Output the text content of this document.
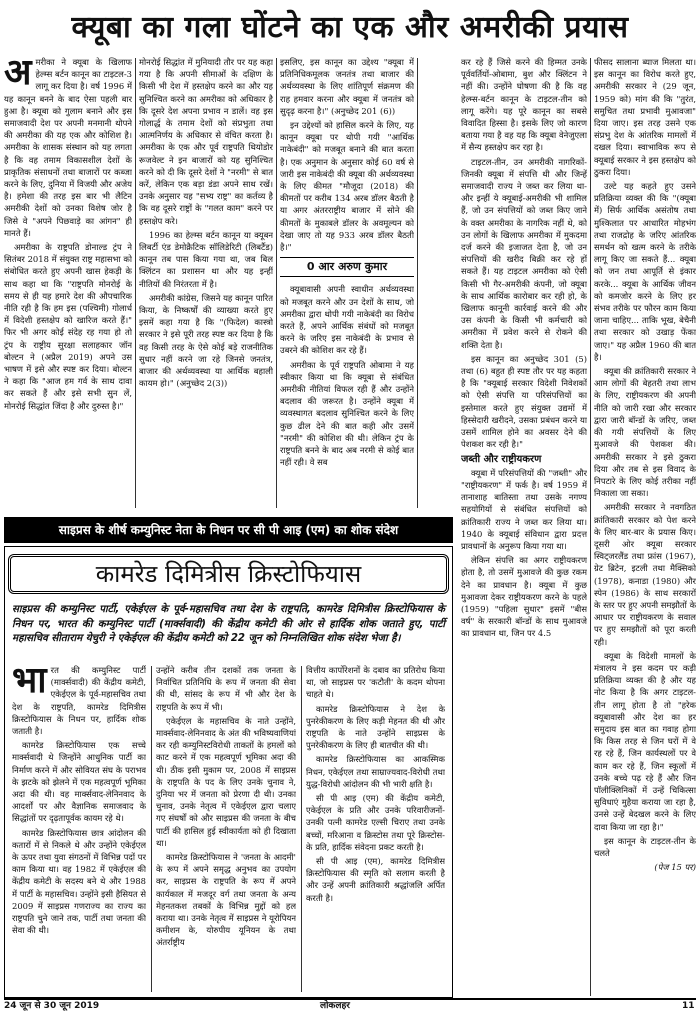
क्यूबा का गला घोंटने का एक और अमरीकी प्रयास

अमरीका ने क्यूबा के खिलाफ हेल्म्स बर्टन कानून का टाइटल-3 लागू कर दिया है। वर्ष 1996 में यह कानून बनने के बाद ऐसा पहली बार हुआ है। क्यूबा को गुलाम बनाने और इस समाजवादी देश पर अपनी मनमानी थोपने की अमरीका की यह एक और कोशिश है। अमरीका के शासक संस्थान को यह लगता है कि वह तमाम विकासशील देशों के प्राकृतिक संसाधनों तथा बाजारों पर कब्जा करने के लिए, दुनिया में विजयी और अजेय है। हमेशा की तरह इस बार भी लैटिन अमरीकी देशों को उनका विशेष जोर है जिसे वे "अपने पिछवाड़े का आंगन" ही मानते हैं।

अमरीका के राष्ट्रपति डोनाल्ड ट्रंप ने सितंबर 2018 में संयुक्त राष्ट्र महासभा को संबोधित करते हुए अपनी खास हेकड़ी के साथ कहा था कि "राष्ट्रपति मोनरोई के समय से ही यह हमारे देश की औपचारिक नीति रही है कि हम इस (पश्चिमी) गोलार्ध में विदेशी हस्तक्षेप को खारिज करते हैं।" फिर भी अगर कोई संदेह रह गया हो तो ट्रंप के राष्ट्रीय सुरक्षा सलाहकार जॉन बोल्टन ने (अप्रैल 2019) अपने उस भाषण में इसे और स्पष्ट कर दिया। बोल्टन ने कहा कि "आज हम गर्व के साथ दावा कर सकते हैं और इसे सभी सुन लें, मोनरोई सिद्धांत जिंदा है और दुरुस्त है।"

मोनरोई सिद्धांत में मुनियादी तौर पर यह कहा गया है कि अपनी सीमाओं के दक्षिण के किसी भी देश में हस्तक्षेप करने का और यह सुनिश्चित करने का अमरीका को अधिकार है कि दूसरे देश अपना प्रभाव न डालें। वह इस गोलार्द्ध के तमाम देशों को संप्रभुता तथा आत्मनिर्णय के अधिकार से वंचित करता है। अमरीका के एक और पूर्व राष्ट्रपति थियोडोर रूजवेल्ट ने इन बाजारों को यह सुनिश्चित करने को दी कि दूसरे देशों ने "नरमी" से बात करें, लेकिन एक बड़ा डंडा अपने साथ रखें। उनके अनुसार यह "सभ्य राष्ट्र" का कर्तव्य है कि वह दूसरे राष्ट्रों के "गलत काम" करने पर हस्तक्षेप करे।

1996 का हेल्म्स बर्टन कानून या क्यूबन लिबर्टी एंड डेमोक्रैटिक सॉलिडेरिटी (लिबर्टैड) कानून तब पास किया गया था, जब बिल क्लिंटन का प्रशासन था और यह इन्हीं नीतियों की निरंतरता में है।

अमरीकी कांग्रेस, जिसने यह कानून पारित किया, के निष्कर्षों की व्याख्या करते हुए इसमें कहा गया है कि "(फिदेल) कास्त्रो सरकार ने इसे पूरी तरह स्पष्ट कर दिया है कि वह किसी तरह के ऐसे कोई बड़े राजनीतिक सुधार नहीं करने जा रहे जिनसे जनतंत्र, बाजार की अर्थव्यवस्था या आर्थिक बहाली कायम हो।" (अनुच्छेद 2(3))

इसलिए, इस कानून का उद्देश्य "क्यूबा में प्रतिनिधिकमूलक जनतंत्र तथा बाजार की अर्थव्यवस्था के लिए शांतिपूर्ण संक्रमण की राह हमवार करना और क्यूबा में जनतंत्र को सुदृढ़ करना है।" (अनुच्छेद 201 (6))

इन उद्देश्यों को हासिल करने के लिए, यह कानून क्यूबा पर थोपी गयी "आर्थिक नाकेबंदी" को मजबूत बनाने की बात करता है। एक अनुमान के अनुसार कोई 60 वर्ष से जारी इस नाकेबंदी की क्यूबा की अर्थव्यवस्था के लिए कीमत "मौजूदा (2018) की कीमतों पर करीब 134 अरब डॉलर बैठती है या अगर अंतरराष्ट्रीय बाजार में सोने की कीमतों के मुकाबले डॉलर के अवमूल्यन को देखा जाए तो यह 933 अरब डॉलर बैठती है।"

0 आर अरुण कुमार

क्यूबावासी अपनी स्वाधीन अर्थव्यवस्था को मजबूत करने और उन देशों के साथ, जो अमरीका द्वारा थोपी गयी नाकेबंदी का विरोध करते हैं, अपने आर्थिक संबंधों को मजबूत करने के जरिए इस नाकेबंदी के प्रभाव से उबरने की कोशिश कर रहे हैं।

अमरीका के पूर्व राष्ट्रपति ओबामा ने यह स्वीकार किया था कि क्यूबा से संबंधित अमरीकी नीतियां विफल रही हैं और उन्होंने बदलाव की जरूरत है। उन्होंने क्यूबा में व्यवस्थागत बदलाव सुनिश्चित करने के लिए कुछ ढील देने की बात कही और उसमें "नरमी" की कोशिश की थी। लेकिन ट्रंप के राष्ट्रपति बनने के बाद अब नरमी से कोई बात नहीं रही। वे सब

कर रहे हैं जिसे करने की हिम्मत उनके पूर्ववर्तियों-ओबामा, बुश और क्लिंटन ने नहीं की। उन्होंने घोषणा की है कि वह हेल्म्स-बर्टन कानून के टाइटल-तीन को लागू करेंगे। यह पूरे कानून का सबसे विवादित हिस्सा है। इसके लिए जो कारण बताया गया है वह यह कि क्यूबा वेनेजुएला में सैन्य हस्तक्षेप कर रहा है।

टाइटल-तीन, उन अमरीकी नागरिकों-जिनकी क्यूबा में संपत्ति थी और जिन्हें समाजवादी राज्य ने जब्त कर लिया था-और इन्हीं ये क्यूबाई-अमरीकी भी शामिल हैं, जो उन संपत्तियों को जब्त किए जाने के वक्त अमरीका के नागरिक नहीं थे, को उन लोगों के खिलाफ अमरीका में मुकदमा दर्ज करने की इजाजत देता है, जो उन संपत्तियों की खरीद बिक्री कर रहे हों सकते हैं। यह टाइटल अमरीका को ऐसी किसी भी गैर-अमरीकी कंपनी, जो क्यूबा के साथ आर्थिक कारोबार कर रही हो, के खिलाफ कानूनी कार्रवाई करने की और उस कंपनी के किसी भी कर्मचारी को अमरीका में प्रवेश करने से रोकने की शक्ति देता है।

इस कानून का अनुच्छेद 301 (5) तथा (6) बहुत ही स्पष्ट तौर पर यह कहता है कि "क्यूबाई सरकार विदेशी निवेशकों को ऐसी संपत्ति या परिसंपत्तियों का इस्तेमाल करते हुए संयुक्त उद्यमों में हिस्सेदारी खरीदने, उसका प्रबंधन करने या उसमें शामिल होने का अवसर देने की पेशकश कर रही है।"

जब्ती और राष्ट्रीयकरण

क्यूबा में परिसंपत्तियों की "जब्ती" और "राष्ट्रीयकरण" में फर्क है। वर्ष 1959 में तानाशाह बातिस्ता तथा उसके नगण्य सहयोगियों से संबंधित संपत्तियों को क्रांतिकारी राज्य ने जब्त कर लिया था। 1940 के क्यूबाई संविधान द्वारा प्रदत्त प्रावधानों के अनुरूप किया गया था।

लेकिन संपत्ति का अगर राष्ट्रीयकरण होता है, तो उसमें मुआवजे की कुछ रकम देने का प्रावधान है। क्यूबा में कुछ मुआवजा देकर राष्ट्रीयकरण करने के पहले (1959) "पहिला सुधार" इसमें "बीस वर्ष" के सरकारी बॉन्डों के साथ मुआवजे का प्रावधान था, जिन पर 4.5

फीसद सालाना ब्याज मिलता था। इस कानून का विरोध करते हुए, अमरीकी सरकार ने (29 जून, 1959 को) मांग की कि "तुरंत, समुचित तथा प्रभावी मुआवजा" दिया जाए। इस तरह उसने एक संप्रभु देश के आंतरिक मामलों में दखल दिया। स्वाभाविक रूप से क्यूबाई सरकार ने इस हस्तक्षेप को ठुकरा दिया।

उल्टे यह कहते हुए उसने प्रतिक्रिया व्यक्त की कि "(क्यूबा में) सिर्फ आर्थिक असंतोष तथा मुश्किलात पर आधारित मोहभंग तथा राजद्रोह के जरिए आंतरिक समर्थन को खत्म करने के तरीके लागू किए जा सकते हैं... क्यूबा को जन तथा आपूर्ति से इंकार करके... क्यूबा के आर्थिक जीवन को कमजोर करने के लिए हर संभव तरीके पर फौरन काम किया जाना चाहिए... ताकि भूख, बेचैनी तथा सरकार को उखाड़ फेंका जाए।" यह अप्रैल 1960 की बात है।

क्यूबा की क्रांतिकारी सरकार ने आम लोगों की बेहतरी तथा लाभ के लिए, राष्ट्रीयकरण की अपनी नीति को जारी रखा और सरकार द्वारा जारी बॉन्डों के जरिए, जब्त की गयी संपत्तियों के लिए मुआवजे की पेशकश की। अमरीकी सरकार ने इसे ठुकरा दिया और तब से इस विवाद के निपटारे के लिए कोई तरीका नहीं निकाला जा सका।

अमरीकी सरकार ने नवगठित क्रांतिकारी सरकार को पेश करने के लिए बार-बार के प्रयास किए। दूसरी ओर क्यूबा सरकार स्विट्जरलैंड तथा फ्रांस (1967), ग्रेट ब्रिटेन, इटली तथा मैक्सिको (1978), कनाडा (1980) और स्पेन (1986) के साथ सरकारों के स्तर पर हुए अपनी समझौतों के आधार पर राष्ट्रीयकरण के सवाल पर हुए समझौतों को पूरा करती रही।

क्यूबा के विदेशी मामलों के मंत्रालय ने इस कदम पर कड़ी प्रतिक्रिया व्यक्त की है और यह नोट किया है कि अगर टाइटल-तीन लागू होता है तो "हरेक क्यूबावासी और देश का हर समुदाय इस बात का गवाह होगा कि किस तरह से जिन घरों में वे रह रहे हैं, जिन कार्यस्थलों पर वे काम कर रहे हैं, जिन स्कूलों में उनके बच्चे पढ़ रहे हैं और जिन पॉलीक्लिनिकों में उन्हें चिकित्सा सुविधाएं मुहैया कराया जा रहा है, उनसे उन्हें बेदखल करने के लिए दावा किया जा रहा है।"

इस कानून के टाइटल-तीन के चलते

(पेज 15 पर)
साइप्रस के शीर्ष कम्युनिस्ट नेता के निधन पर सी पी आइ (एम) का शोक संदेश
कामरेड दिमित्रीस क्रिस्टोफियास
साइप्रस की कम्युनिस्ट पार्टी, एकेईएल के पूर्व-महासचिव तथा देश के राष्ट्रपति, कामरेड दिमित्रीस क्रिस्टोफियास के निधन पर, भारत की कम्युनिस्ट पार्टी (मार्क्सवादी) की केंद्रीय कमेटी की ओर से हार्दिक शोक जताते हुए, पार्टी महासचिव सीताराम येचुरी ने एकेईएल की केंद्रीय कमेटी को 22 जून को निम्नलिखित शोक संदेश भेजा है।

भारत की कम्युनिस्ट पार्टी (मार्क्सवादी) की केंद्रीय कमेटी, एकेईएल के पूर्व-महासचिव तथा देश के राष्ट्रपति, कामरेड दिमित्रीस क्रिस्टोफियास के निधन पर, हार्दिक शोक जताती है।

कामरेड क्रिस्टोफियास एक सच्चे मार्क्सवादी थे जिन्होंने आधुनिक पार्टी का निर्माण करने में और सोवियत संघ के पराभव के झटके को झेलने में एक महत्वपूर्ण भूमिका अदा की थी। वह मार्क्सवाद-लेनिनवाद के आदर्शों पर और वैज्ञानिक समाजवाद के सिद्धांतों पर दृढ़तापूर्वक कायम रहे थे।

कामरेड क्रिस्टोफियास छात्र आंदोलन की कतारों में से निकले थे और उन्होंने एकेईएल के ऊपर तथा युवा संगठनों में विभिन्न पदों पर काम किया था। वह 1982 में एकेईएल की केंद्रीय कमेटी के सदस्य बने थे और 1988 में पार्टी के महासचिव। उन्होंने इसी हैसियत से 2009 में साइप्रस गणराज्य का राज्य का राष्ट्रपति चुने जाने तक, पार्टी तथा जनता की सेवा की थी।

उन्होंने करीब तीन दशकों तक जनता के निर्वाचित प्रतिनिधि के रूप में जनता की सेवा की थी, सांसद के रूप में भी और देश के राष्ट्रपति के रूप में भी।

एकेईएल के महासचिव के नाते उन्होंने, मार्क्सवाद-लेनिनवाद के अंत की भविष्यवाणियां कर रही कम्युनिस्टविरोधी ताकतों के हमलों को काट करने में एक महत्वपूर्ण भूमिका अदा की थी। ठीक इसी मुकाम पर, 2008 में साइप्रस के राष्ट्रपति के पद के लिए उनके चुनाव ने, दुनिया भर में जनता को प्रेरणा दी थी। उनका चुनाव, उनके नेतृत्व में एकेईएल द्वारा चलाए गए संघर्षों को और साइप्रस की जनता के बीच पार्टी की हासिल हुई स्वीकार्यता को ही दिखाता था।

कामरेड क्रिस्टोफियास ने 'जनता के आदमी' के रूप में अपने समृद्ध अनुभव का उपयोग कर, साइप्रस के राष्ट्रपति के रूप में अपने कार्यकाल में मजदूर वर्ग तथा जनता के अन्य मेहनतकश तबकों के विभिन्न मुद्दों को हल कराया था। उनके नेतृत्व में साइप्रस ने यूरोपियन कमीशन के, योरुपीय यूनियन के तथा अंतर्राष्ट्रीय

वित्तीय कार्पोरेशनों के दबाव का प्रतिरोध किया था, जो साइप्रस पर 'कटौती' के कदम थोपना चाहते थे।

कामरेड क्रिस्टोफियास ने देश के पुनरेकीकरण के लिए कड़ी मेहनत की थी और राष्ट्रपति के नाते उन्होंने साइप्रस के पुनरेकीकरण के लिए ही बातचीत की थी।

कामरेड क्रिस्टोफियास का आकस्मिक निधन, एकेईएल तथा साम्राज्यवाद-विरोधी तथा युद्ध-विरोधी आंदोलन की भी भारी क्षति है।

सी पी आइ (एम) की केंद्रीय कमेटी, एकेईएल के प्रति और उनके परिवारीजनों-उनकी पत्नी कामरेड एल्सी चिराए तथा उनके बच्चों, मरिआना व क्रिस्टोस तथा पूरे क्रिस्टोस-के प्रति, हार्दिक संवेदना प्रकट करती है।

सी पी आइ (एम), कामरेड दिमित्रीस क्रिस्टोफियास की स्मृति को सलाम करती है और उन्हें अपनी क्रांतिकारी श्रद्धांजलि अर्पित करती है।

24 जून से 30 जून 2019	लोकलहर	11
